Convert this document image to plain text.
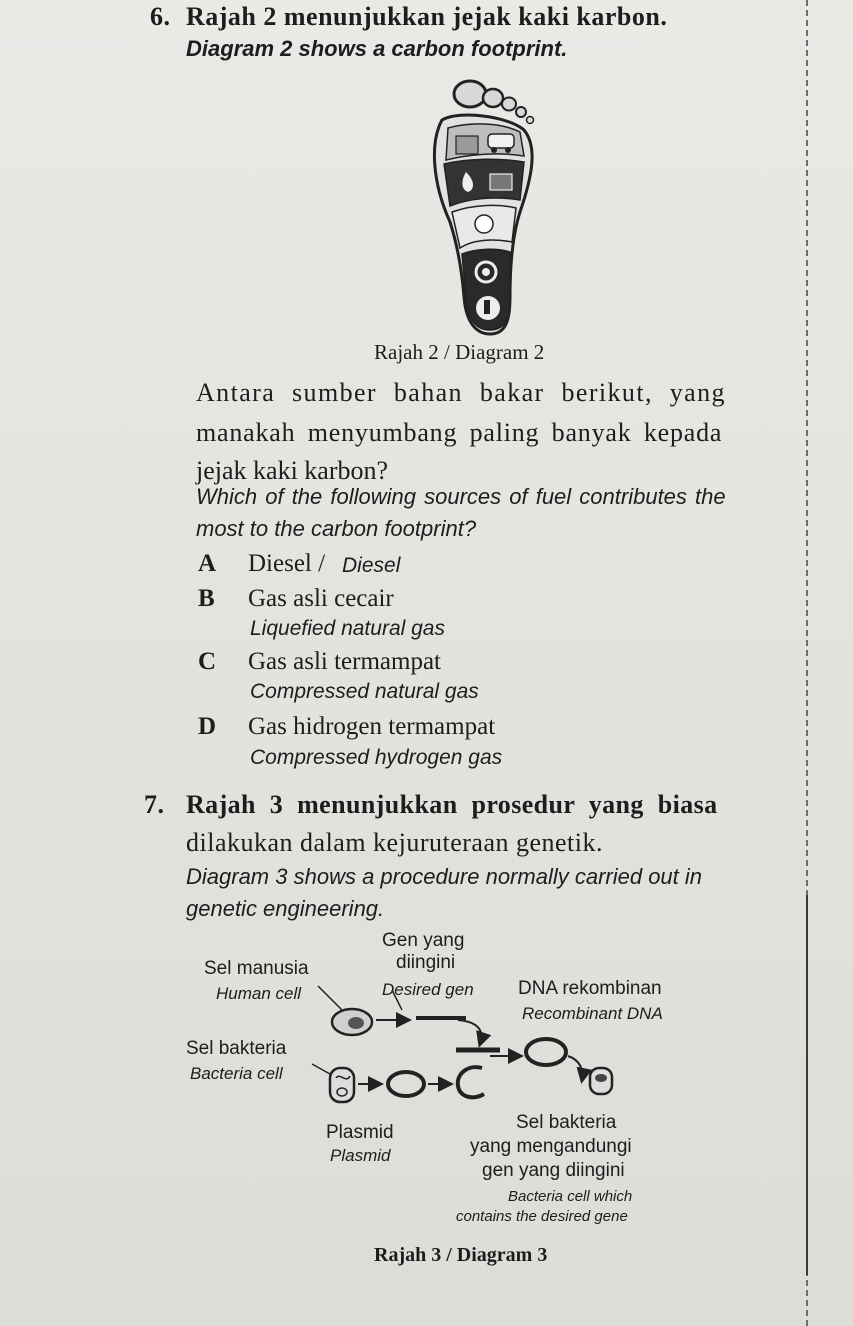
6. Rajah 2 menunjukkan jejak kaki karbon.
Diagram 2 shows a carbon footprint.
Rajah 2 / Diagram 2
Antara sumber bahan bakar berikut, yang
manakah menyumbang paling banyak kepada
jejak kaki karbon?
Which of the following sources of fuel contributes the
most to the carbon footprint?
A Diesel / Diesel
B Gas asli cecair
Liquefied natural gas
C Gas asli termampat
Compressed natural gas
D Gas hidrogen termampat
Compressed hydrogen gas
7. Rajah 3 menunjukkan prosedur yang biasa
dilakukan dalam kejuruteraan genetik.
Diagram 3 shows a procedure normally carried out in
genetic engineering.
Gen yang
diingini
Sel manusia
Human cell	Desired gen DNA rekombinan
Recombinant DNA
Sel bakteria
Bacteria cell
Plasmid
Plasmid
Sel bakteria
yang mengandungi
gen yang diingini
Bacteria cell which
contains the desired gene
Rajah 3 / Diagram 3
